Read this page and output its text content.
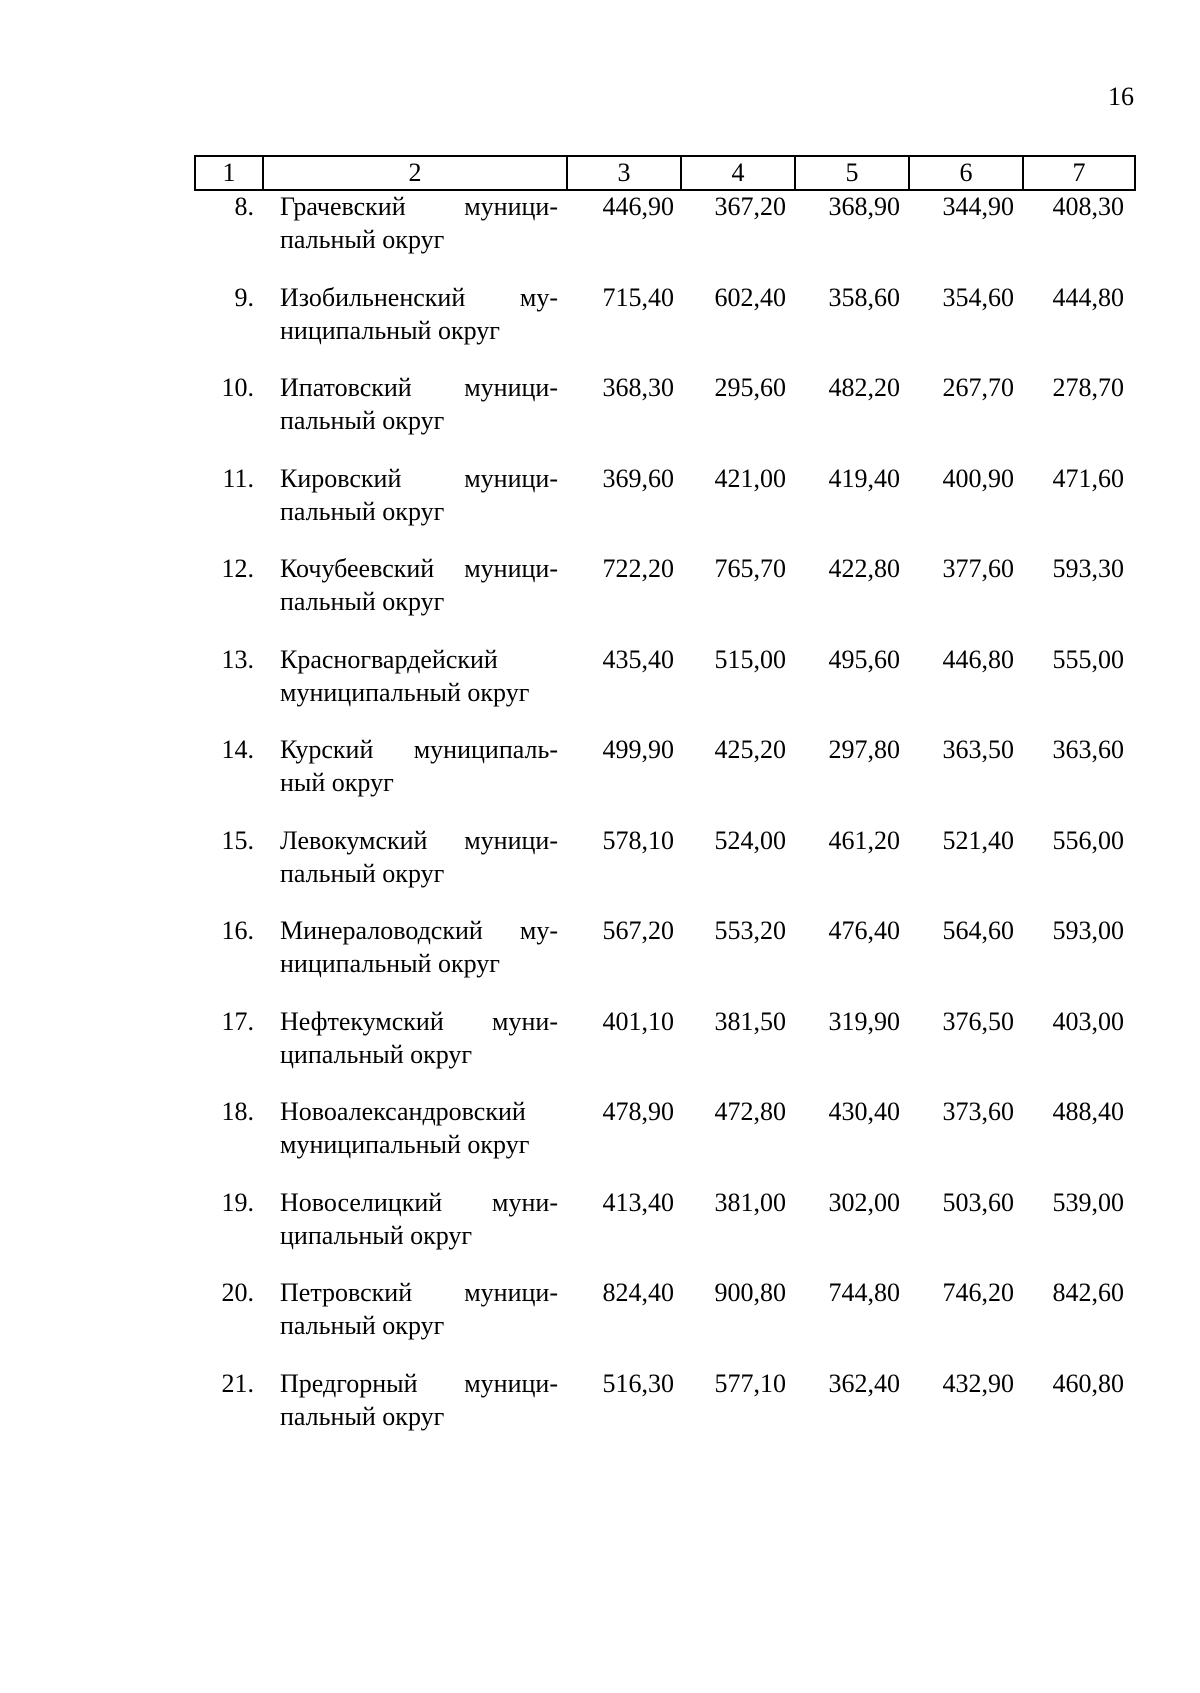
16
1	2	3	4	5	6	7
8. Грачевский муници-
пальный округ
446,90	367,20	368,90	344,90	408,30
9. Изобильненский му-
ниципальный округ
715,40	602,40	358,60	354,60	444,80
10. Ипатовский муници-
пальный округ
368,30	295,60	482,20	267,70	278,70
11. Кировский муници-
пальный округ
369,60	421,00	419,40	400,90	471,60
12. Кочубеевский муници-
пальный округ
722,20	765,70	422,80	377,60	593,30
13. Красногвардейский
муниципальный округ
435,40	515,00	495,60	446,80	555,00
14. Курский муниципаль-
ный округ
499,90	425,20	297,80	363,50	363,60
15. Левокумский муници-
пальный округ
578,10	524,00	461,20	521,40	556,00
16. Минераловодский му-
ниципальный округ
567,20	553,20	476,40	564,60	593,00
17. Нефтекумский муни-
ципальный округ
401,10	381,50	319,90	376,50	403,00
18. Новоалександровский
муниципальный округ
478,90	472,80	430,40	373,60	488,40
19. Новоселицкий муни-
ципальный округ
413,40	381,00	302,00	503,60	539,00
20. Петровский муници-
пальный округ
824,40	900,80	744,80	746,20	842,60
21. Предгорный муници-
пальный округ
516,30	577,10	362,40	432,90	460,80
